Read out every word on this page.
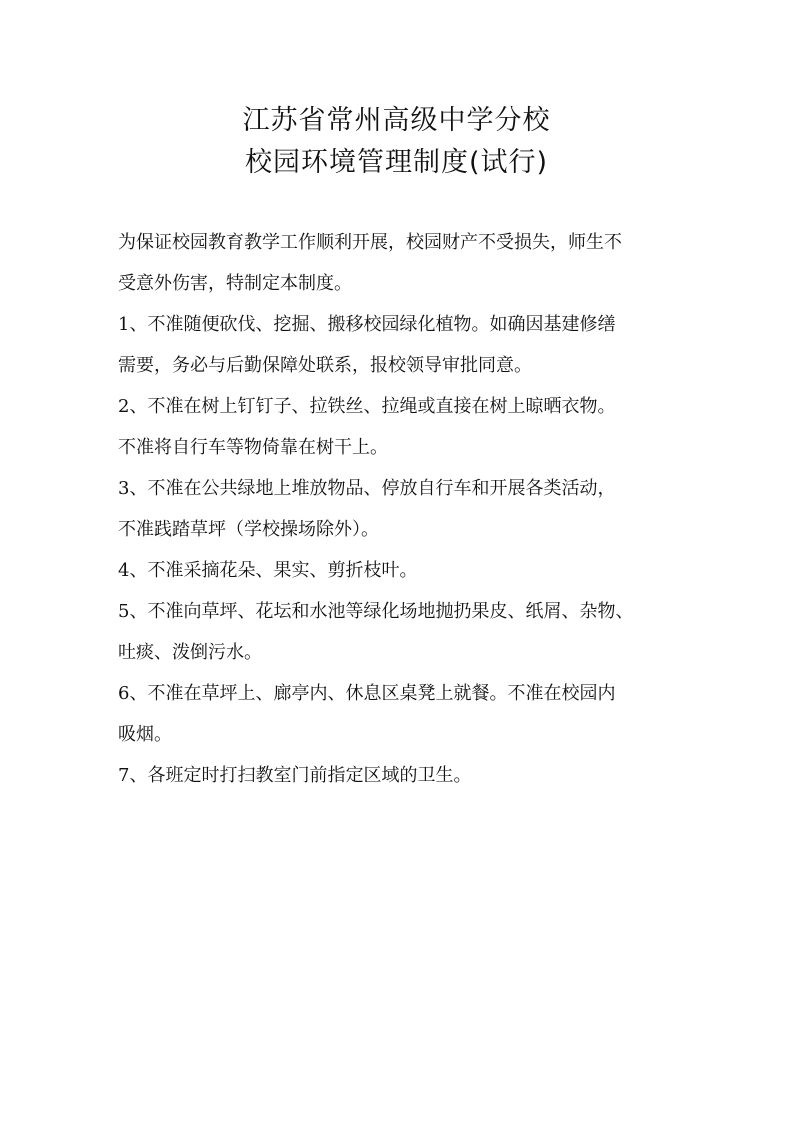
江苏省常州高级中学分校
校园环境管理制度(试行)

为保证校园教育教学工作顺利开展，校园财产不受损失，师生不
受意外伤害，特制定本制度。

1、不准随便砍伐、挖掘、搬移校园绿化植物。如确因基建修缮
需要，务必与后勤保障处联系，报校领导审批同意。

2、不准在树上钉钉子、拉铁丝、拉绳或直接在树上晾晒衣物。
不准将自行车等物倚靠在树干上。

3、不准在公共绿地上堆放物品、停放自行车和开展各类活动，
不准践踏草坪（学校操场除外）。

4、不准采摘花朵、果实、剪折枝叶。

5、不准向草坪、花坛和水池等绿化场地抛扔果皮、纸屑、杂物、
吐痰、泼倒污水。

6、不准在草坪上、廊亭内、休息区桌凳上就餐。不准在校园内
吸烟。

7、各班定时打扫教室门前指定区域的卫生。
